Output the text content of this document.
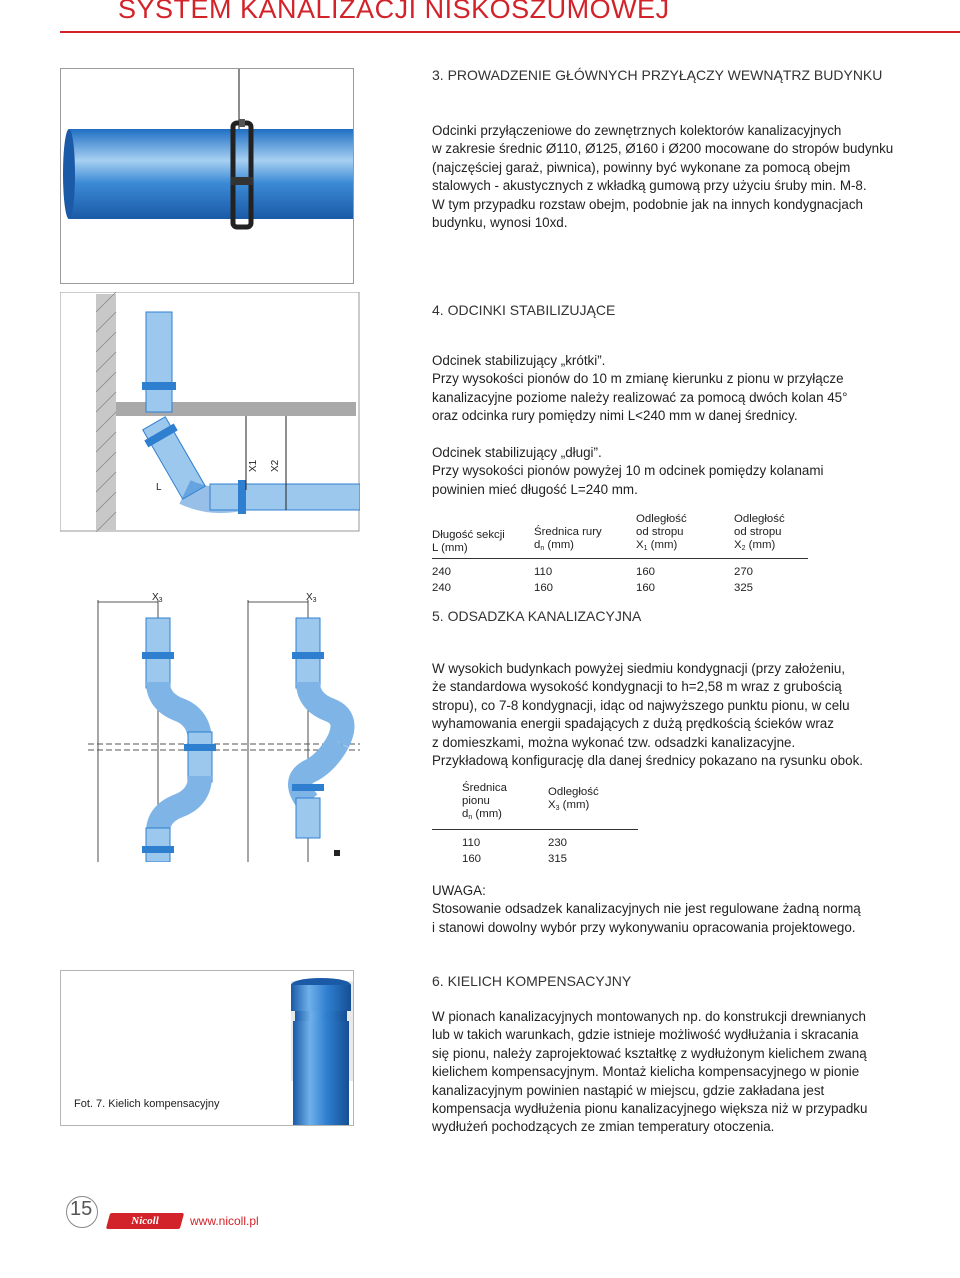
SYSTEM KANALIZACJI NISKOSZUMOWEJ
3. PROWADZENIE GŁÓWNYCH PRZYŁĄCZY WEWNĄTRZ BUDYNKU
Odcinki przyłączeniowe do zewnętrznych kolektorów kanalizacyjnych
w zakresie średnic Ø110, Ø125, Ø160 i Ø200 mocowane do stropów budynku
(najczęściej garaż, piwnica), powinny być wykonane za pomocą obejm
stalowych - akustycznych z wkładką gumową przy użyciu śruby min. M-8.
W tym przypadku rozstaw obejm, podobnie jak na innych kondygnacjach
budynku, wynosi 10xd.
X1 X2
L
4. ODCINKI STABILIZUJĄCE
Odcinek stabilizujący „krótki”.
Przy wysokości pionów do 10 m zmianę kierunku z pionu w przyłącze
kanalizacyjne poziome należy realizować za pomocą dwóch kolan 45°
oraz odcinka rury pomiędzy nimi L<240 mm w danej średnicy.
Odcinek stabilizujący „długi”.
Przy wysokości pionów powyżej 10 m odcinek pomiędzy kolanami
powinien mieć długość L=240 mm.
Długość sekcji
L (mm)

Średnica rury
$d_n$ (mm)

Odległość
od stropu
$X_1$ (mm)

Odległość
od stropu
$X_2$ (mm)
240	110	160	270
240	160	160	325
$X_3$	$X_3$
5. ODSADZKA KANALIZACYJNA
W wysokich budynkach powyżej siedmiu kondygnacji (przy założeniu,
że standardowa wysokość kondygnacji to h=2,58 m wraz z grubością
stropu), co 7-8 kondygnacji, idąc od najwyższego punktu pionu, w celu
wyhamowania energii spadających z dużą prędkością ścieków wraz
z domieszkami, można wykonać tzw. odsadzki kanalizacyjne.
Przykładową konfigurację dla danej średnicy pokazano na rysunku obok.
Średnica
pionu
$d_n$ (mm)

Odległość
$X_3$ (mm)
110	230
160	315
UWAGA:
Stosowanie odsadzek kanalizacyjnych nie jest regulowane żadną normą
i stanowi dowolny wybór przy wykonywaniu opracowania projektowego.
Fot. 7. Kielich kompensacyjny
6. KIELICH KOMPENSACYJNY
W pionach kanalizacyjnych montowanych np. do konstrukcji drewnianych
lub w takich warunkach, gdzie istnieje możliwość wydłużania i skracania
się pionu, należy zaprojektować kształtkę z wydłużonym kielichem zwaną
kielichem kompensacyjnym. Montaż kielicha kompensacyjnego w pionie
kanalizacyjnym powinien nastąpić w miejscu, gdzie zakładana jest
kompensacja wydłużenia pionu kanalizacyjnego większa niż w przypadku
wydłużeń pochodzących ze zmian temperatury otoczenia.
15
Nicoll	www.nicoll.pl
